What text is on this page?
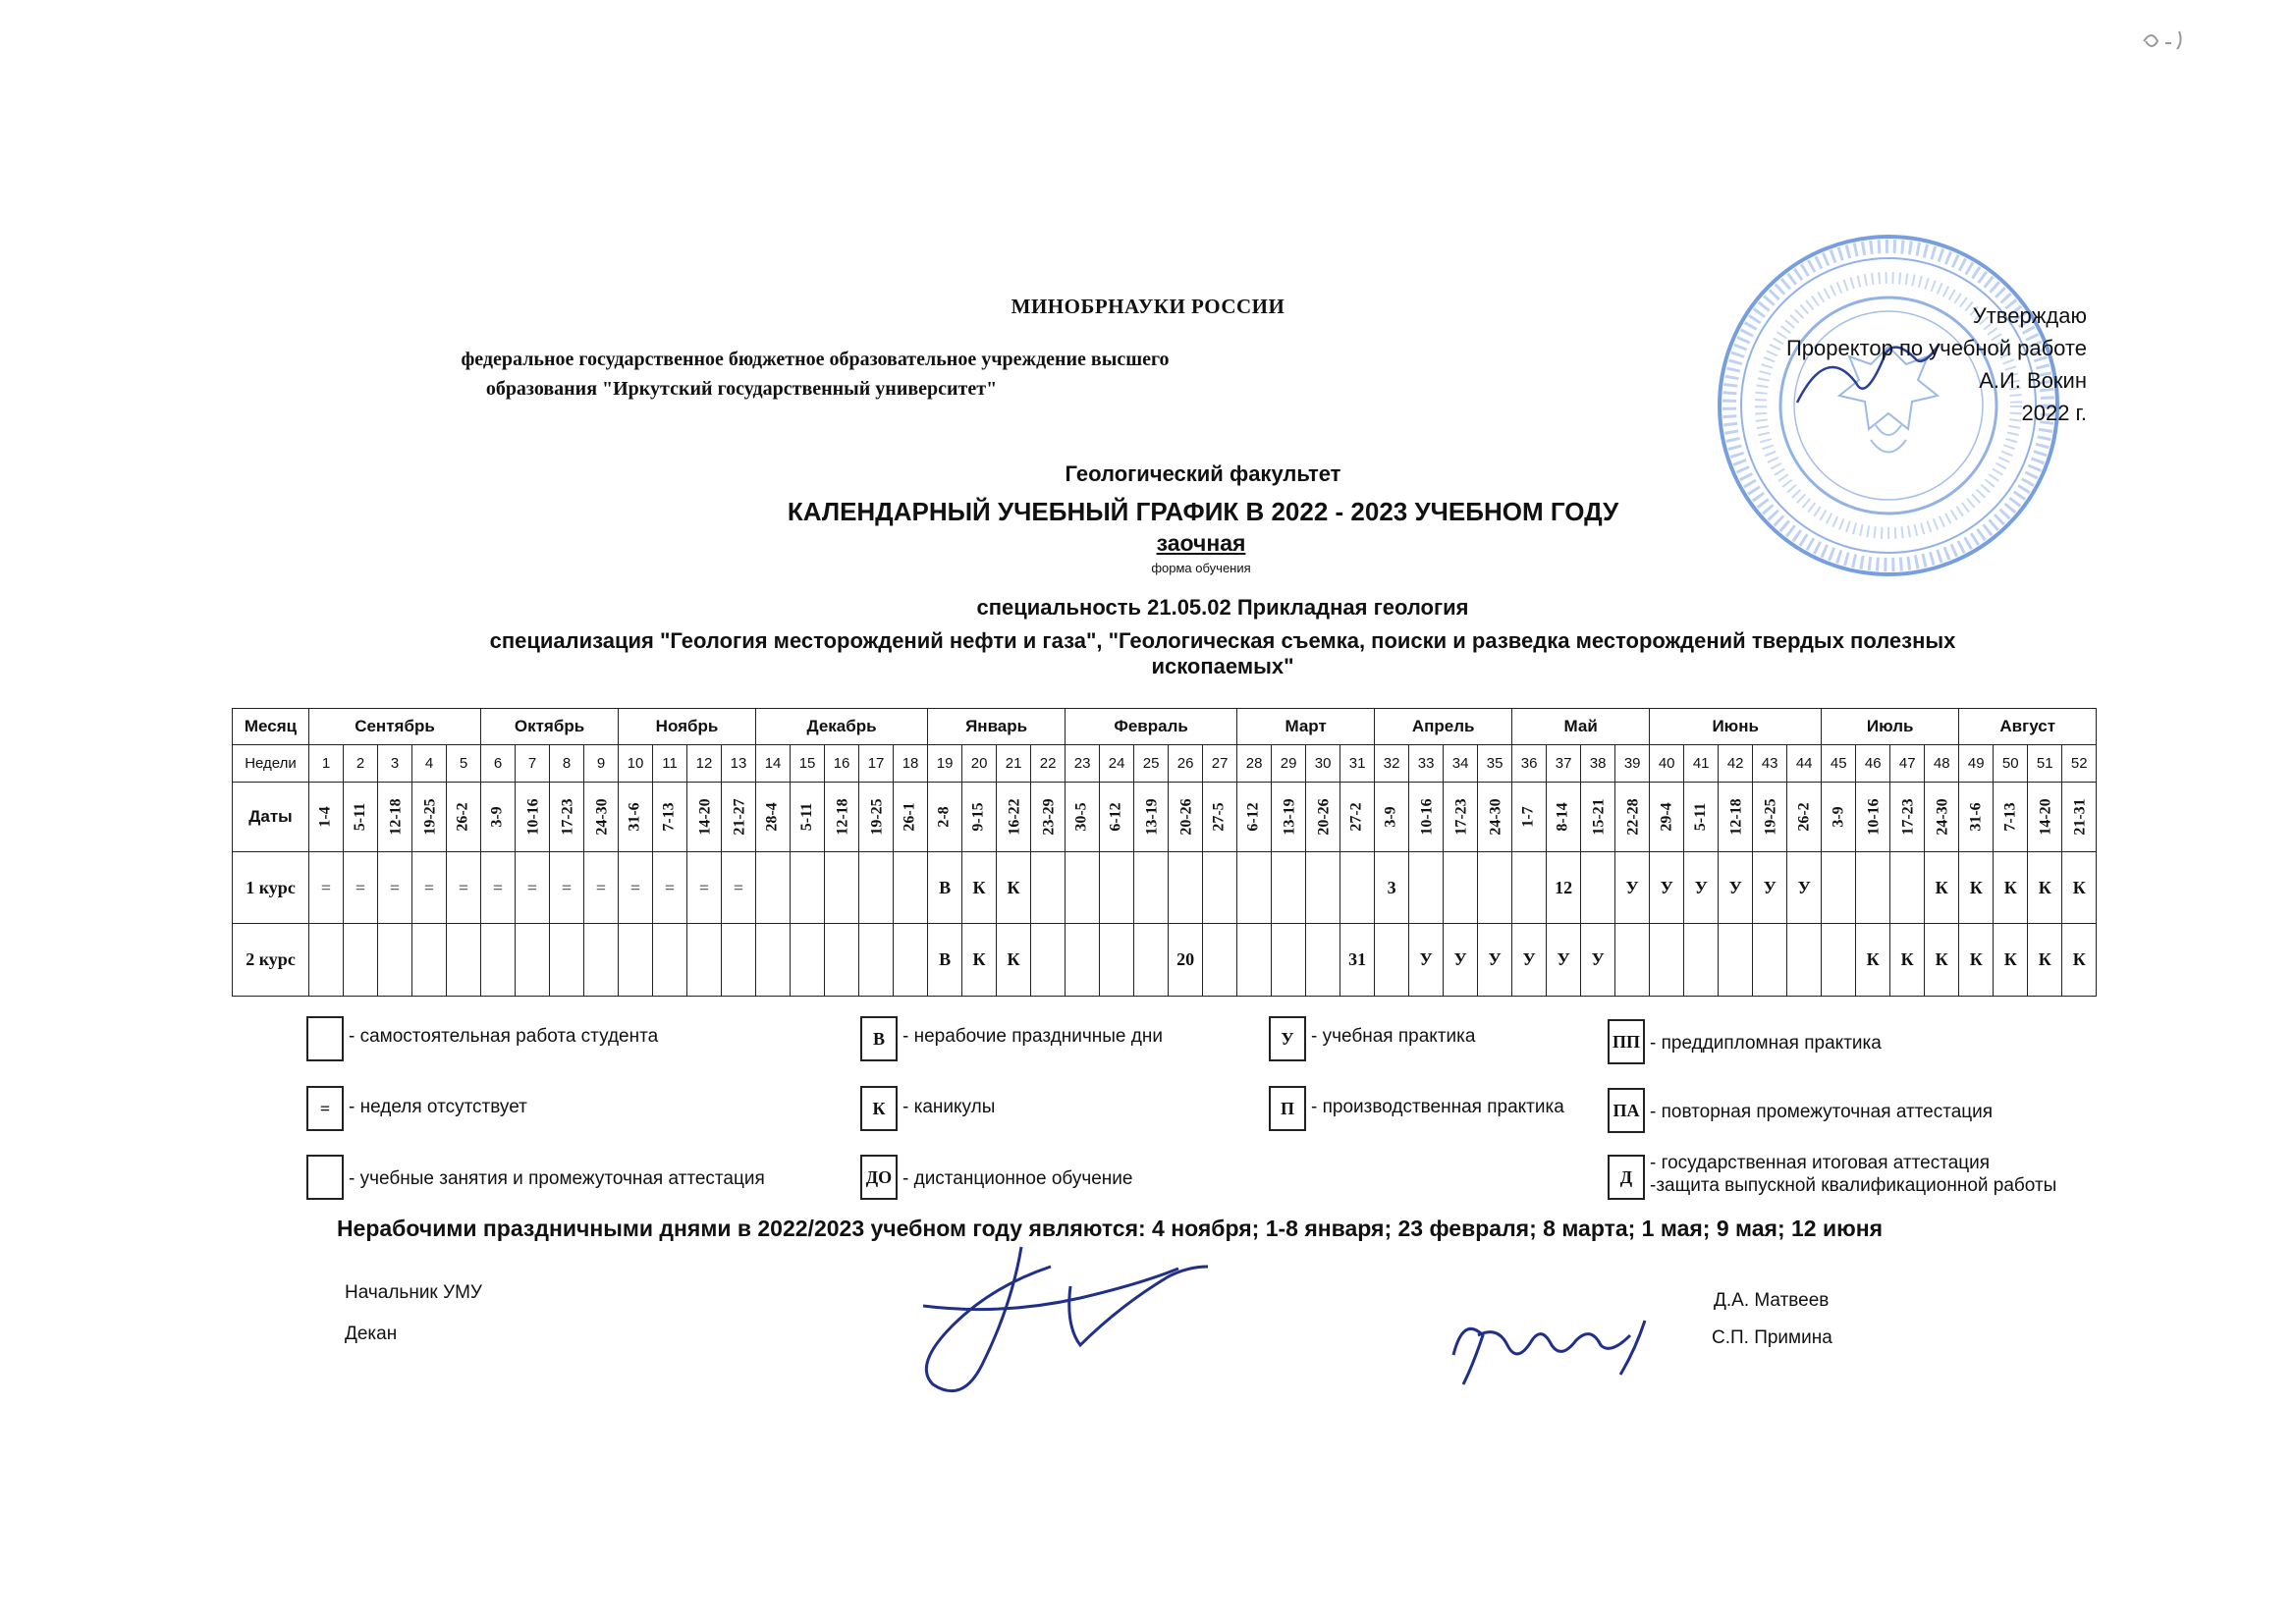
МИНОБРНАУКИ РОССИИ
федеральное государственное бюджетное образовательное учреждение высшего
образования "Иркутский государственный университет"
Утверждаю
Проректор по учебной работе
А.И. Вокин
2022 г.
Геологический факультет
КАЛЕНДАРНЫЙ УЧЕБНЫЙ ГРАФИК В 2022 - 2023 УЧЕБНОМ ГОДУ
заочная
форма обучения
специальность 21.05.02 Прикладная геология
специализация "Геология месторождений нефти и газа", "Геологическая съемка, поиски и разведка месторождений твердых полезных
ископаемых"
Месяц	Сентябрь					Октябрь				Ноябрь				Декабрь					Январь				Февраль					Март				Апрель				Май				Июнь					Июль				Август			
Недели	1	2	3	4	5	6	7	8	9	10	11	12	13	14	15	16	17	18	19	20	21	22	23	24	25	26	27	28	29	30	31	32	33	34	35	36	37	38	39	40	41	42	43	44	45	46	47	48	49	50	51	52
Даты	1-4	5-11	12-18	19-25	26-2	3-9	10-16	17-23	24-30	31-6	7-13	14-20	21-27	28-4	5-11	12-18	19-25	26-1	2-8	9-15	16-22	23-29	30-5	6-12	13-19	20-26	27-5	6-12	13-19	20-26	27-2	3-9	10-16	17-23	24-30	1-7	8-14	15-21	22-28	29-4	5-11	12-18	19-25	26-2	3-9	10-16	17-23	24-30	31-6	7-13	14-20	21-31
1 курс	=	=	=	=	=	=	=	=	=	=	=	=	=						В	К	К											3					12		У	У	У	У	У	У				К	К	К	К	К
2 курс																			В	К	К					20					31		У	У	У	У	У	У								К	К	К	К	К	К	К
- самостоятельная работа студента	В - нерабочие праздничные дни	У - учебная практика	ПП - преддипломная практика
= - неделя отсутствует	К - каникулы	П - производственная практика	ПА - повторная промежуточная аттестация
- учебные занятия и промежуточная аттестация	ДО - дистанционное обучение	Д
- государственная итоговая аттестация
-защита выпускной квалификационной работы
Нерабочими праздничными днями в 2022/2023 учебном году являются: 4 ноября; 1-8 января; 23 февраля; 8 марта; 1 мая; 9 мая; 12 июня
Начальник УМУ
Декан
Д.А. Матвеев
С.П. Примина
